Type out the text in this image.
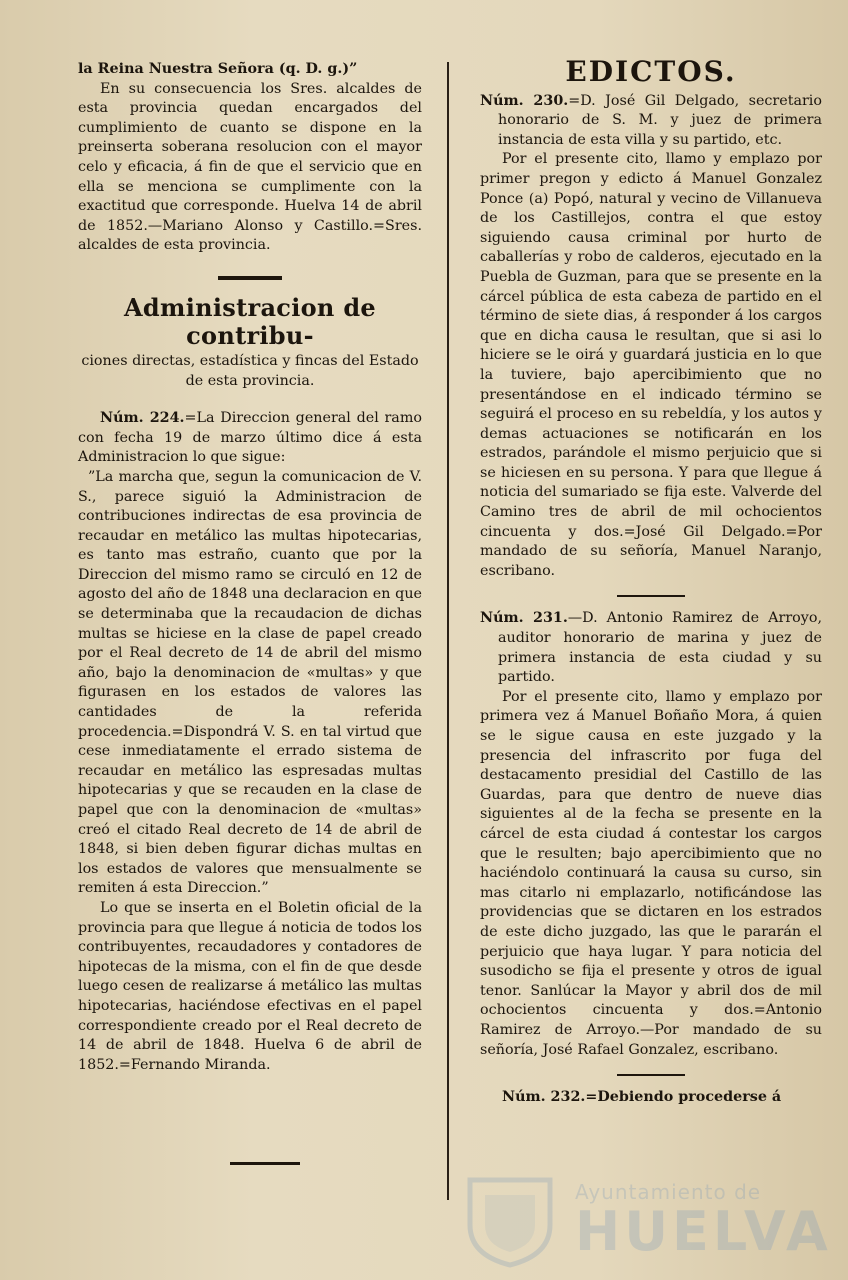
la Reina Nuestra Señora (q. D. g.)”

En su consecuencia los Sres. alcaldes de esta provincia quedan encargados del cumplimiento de cuanto se dispone en la preinserta soberana resolucion con el mayor celo y eficacia, á fin de que el servicio que en ella se menciona se cumplimente con la exactitud que corresponde. Huelva 14 de abril de 1852.—Mariano Alonso y Castillo.=Sres. alcaldes de esta provincia.

Administracion de contribu-
ciones directas, estadística y fincas del Estado de esta provincia.

Núm. 224.=La Direccion general del ramo con fecha 19 de marzo último dice á esta Administracion lo que sigue:

”La marcha que, segun la comunicacion de V. S., parece siguió la Administracion de contribuciones indirectas de esa provincia de recaudar en metálico las multas hipotecarias, es tanto mas estraño, cuanto que por la Direccion del mismo ramo se circuló en 12 de agosto del año de 1848 una declaracion en que se determinaba que la recaudacion de dichas multas se hiciese en la clase de papel creado por el Real decreto de 14 de abril del mismo año, bajo la denominacion de «multas» y que figurasen en los estados de valores las cantidades de la referida procedencia.=Dispondrá V. S. en tal virtud que cese inmediatamente el errado sistema de recaudar en metálico las espresadas multas hipotecarias y que se recauden en la clase de papel que con la denominacion de «multas» creó el citado Real decreto de 14 de abril de 1848, si bien deben figurar dichas multas en los estados de valores que mensualmente se remiten á esta Direccion.”

Lo que se inserta en el Boletin oficial de la provincia para que llegue á noticia de todos los contribuyentes, recaudadores y contadores de hipotecas de la misma, con el fin de que desde luego cesen de realizarse á metálico las multas hipotecarias, haciéndose efectivas en el papel correspondiente creado por el Real decreto de 14 de abril de 1848. Huelva 6 de abril de 1852.=Fernando Miranda.

EDICTOS.

Núm. 230.=D. José Gil Delgado, secretario honorario de S. M. y juez de primera instancia de esta villa y su partido, etc.

Por el presente cito, llamo y emplazo por primer pregon y edicto á Manuel Gonzalez Ponce (a) Popó, natural y vecino de Villanueva de los Castillejos, contra el que estoy siguiendo causa criminal por hurto de caballerías y robo de calderos, ejecutado en la Puebla de Guzman, para que se presente en la cárcel pública de esta cabeza de partido en el término de siete dias, á responder á los cargos que en dicha causa le resultan, que si asi lo hiciere se le oirá y guardará justicia en lo que la tuviere, bajo apercibimiento que no presentándose en el indicado término se seguirá el proceso en su rebeldía, y los autos y demas actuaciones se notificarán en los estrados, parándole el mismo perjuicio que si se hiciesen en su persona. Y para que llegue á noticia del sumariado se fija este. Valverde del Camino tres de abril de mil ochocientos cincuenta y dos.=José Gil Delgado.=Por mandado de su señoría, Manuel Naranjo, escribano.

Núm. 231.—D. Antonio Ramirez de Arroyo, auditor honorario de marina y juez de primera instancia de esta ciudad y su partido.

Por el presente cito, llamo y emplazo por primera vez á Manuel Boñaño Mora, á quien se le sigue causa en este juzgado y la presencia del infrascrito por fuga del destacamento presidial del Castillo de las Guardas, para que dentro de nueve dias siguientes al de la fecha se presente en la cárcel de esta ciudad á contestar los cargos que le resulten; bajo apercibimiento que no haciéndolo continuará la causa su curso, sin mas citarlo ni emplazarlo, notificándose las providencias que se dictaren en los estrados de este dicho juzgado, las que le pararán el perjuicio que haya lugar. Y para noticia del susodicho se fija el presente y otros de igual tenor. Sanlúcar la Mayor y abril dos de mil ochocientos cincuenta y dos.=Antonio Ramirez de Arroyo.—Por mandado de su señoría, José Rafael Gonzalez, escribano.

Núm. 232.=Debiendo procederse á

Ayuntamiento de
HUELVA
